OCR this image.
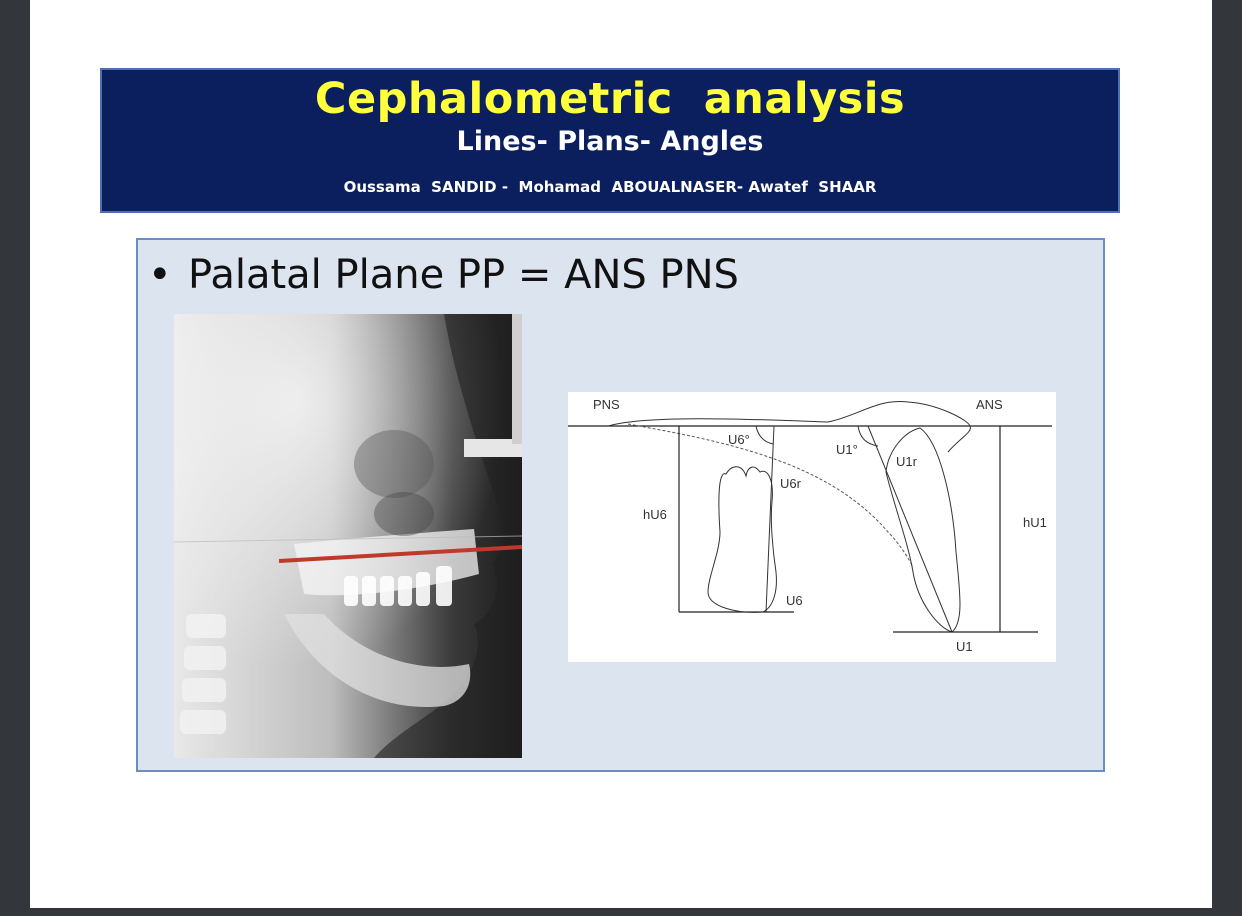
Cephalometric  analysis
Lines- Plans- Angles
Oussama  SANDID -  Mohamad  ABOUALNASER- Awatef  SHAAR
• Palatal Plane PP = ANS PNS
PNS	ANS
U6°
U1°
U1r
U6r
hU6
hU1
U6
U1
